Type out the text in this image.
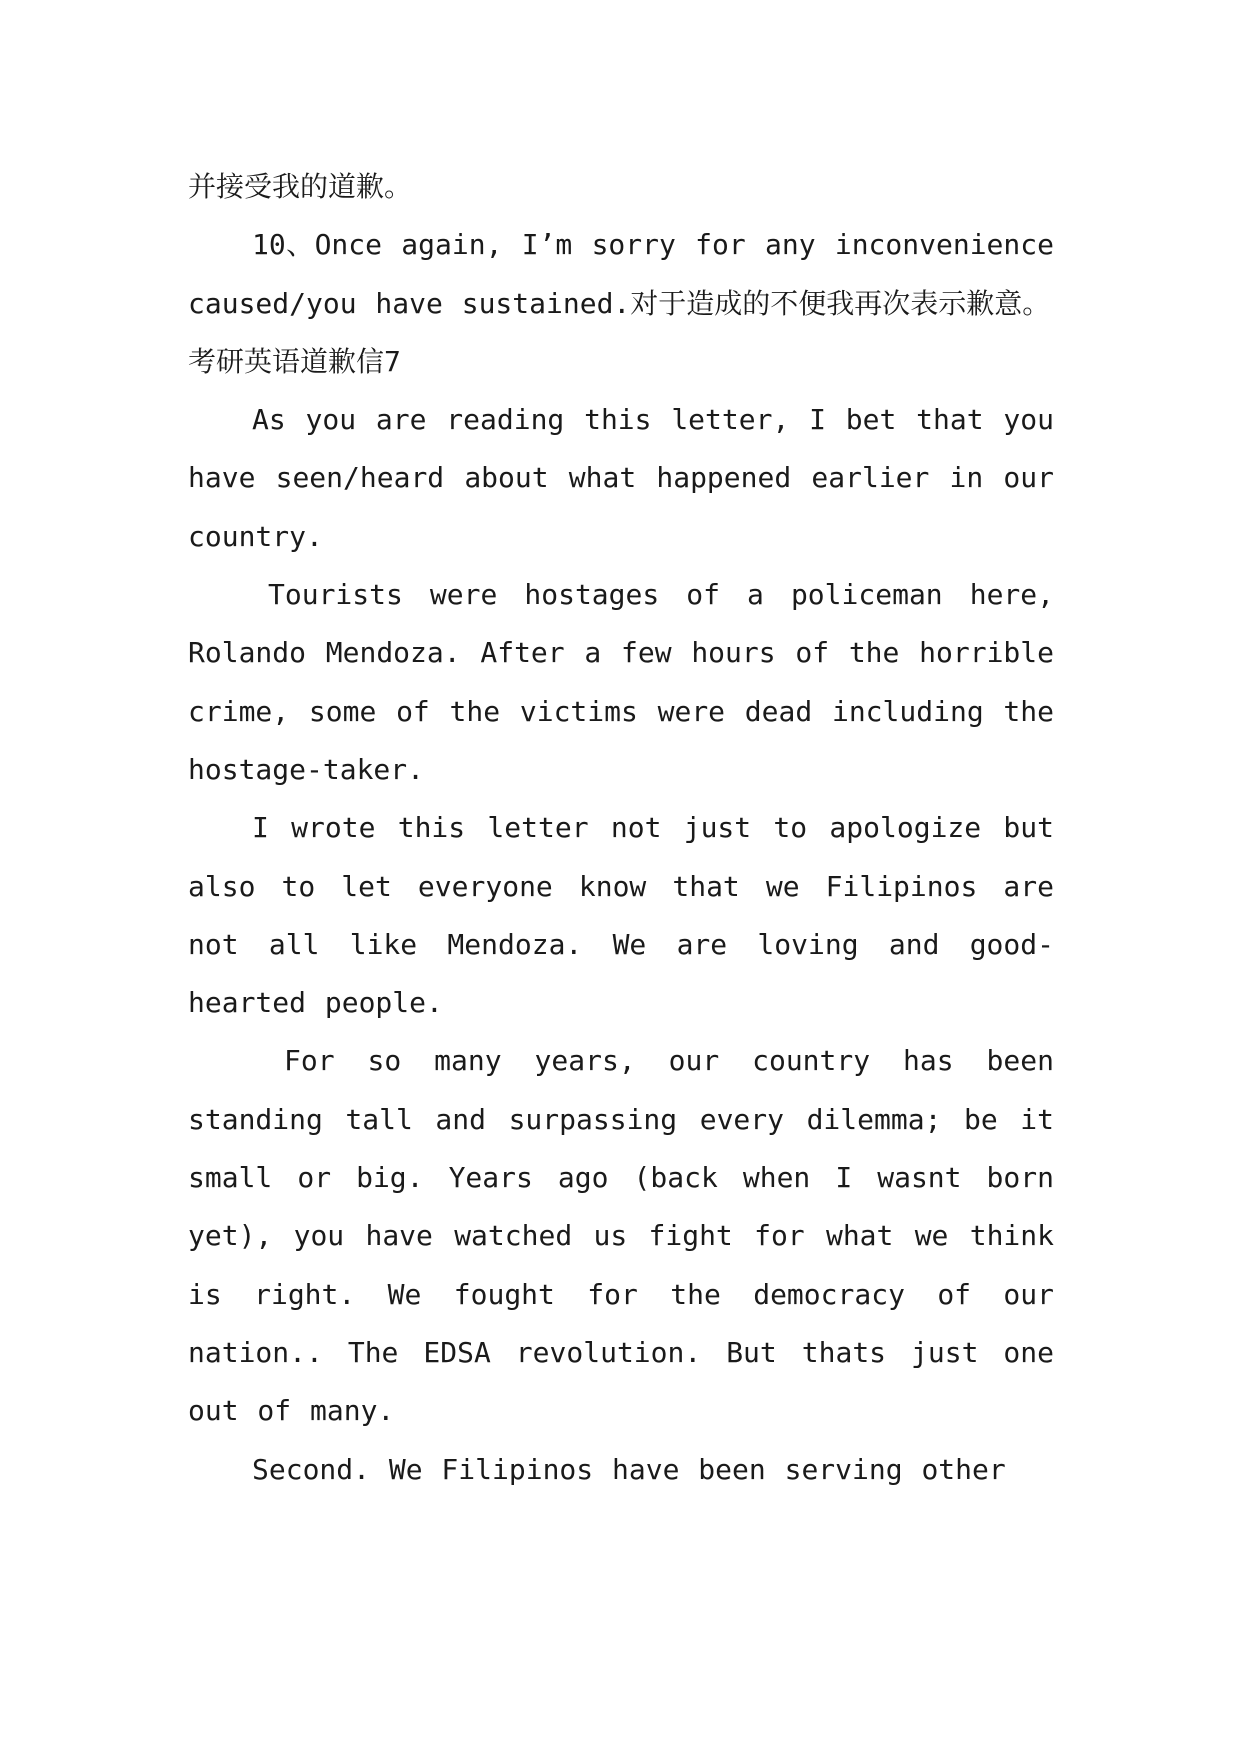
并接受我的道歉。

10、Once again, I’m sorry for any inconvenience caused/you have sustained.对于造成的不便我再次表示歉意。

考研英语道歉信7

As you are reading this letter, I bet that you have seen/heard about what happened earlier in our country.

Tourists were hostages of a policeman here, Rolando Mendoza. After a few hours of the horrible crime, some of the victims were dead including the hostage-taker.

I wrote this letter not just to apologize but also to let everyone know that we Filipinos are not all like Mendoza. We are loving and good-hearted people.

For so many years, our country has been standing tall and surpassing every dilemma; be it small or big. Years ago (back when I wasnt born yet), you have watched us fight for what we think is right. We fought for the democracy of our nation.. The EDSA revolution. But thats just one out of many.

Second. We Filipinos have been serving other
